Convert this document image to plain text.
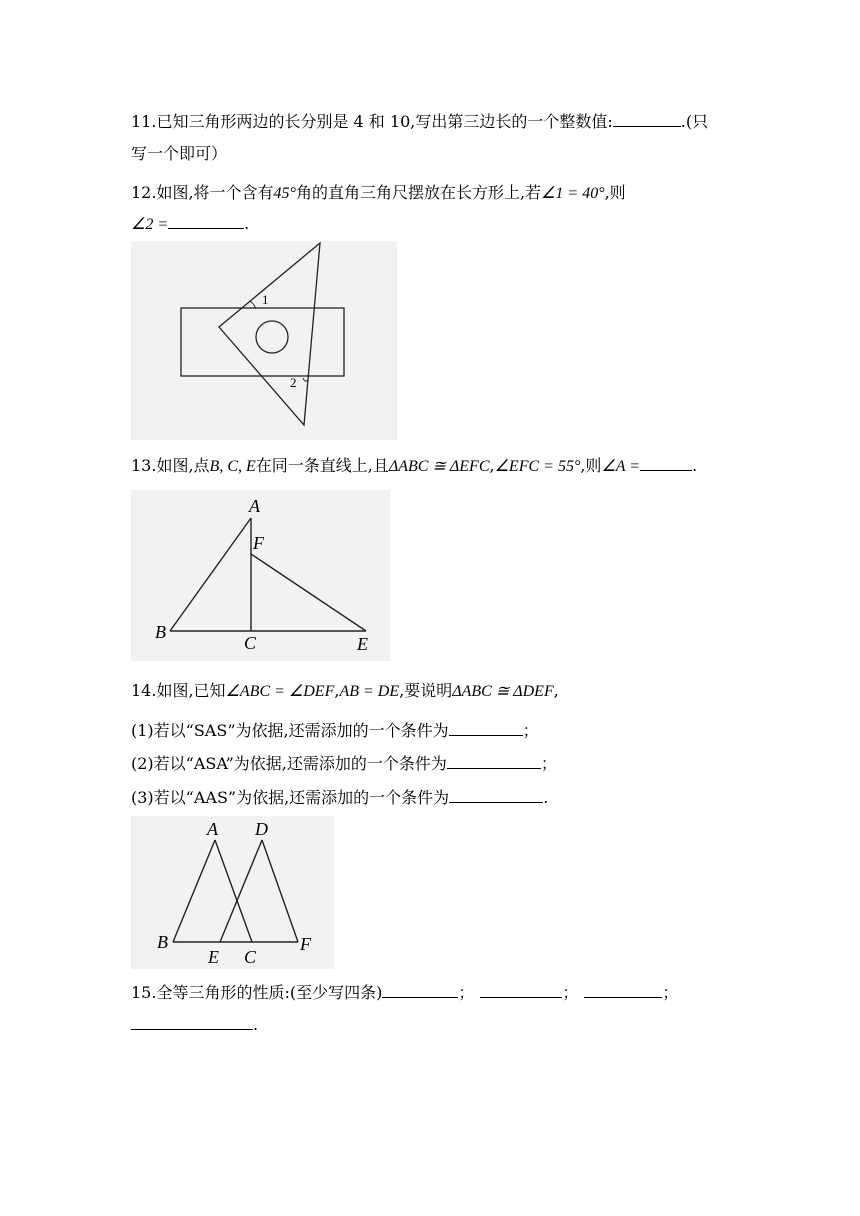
11.已知三角形两边的长分别是 4 和 10,写出第三边长的一个整数值:	.(只
写一个即可）
12.如图,将一个含有45°角的直角三角尺摆放在长方形上,若∠1 = 40°,则
∠2 =	.
1
2
13.如图,点B, C, E在同一条直线上,且ΔABC ≅ ΔEFC,∠EFC = 55°,则∠A =	.
A
F
B
C	E
14.如图,已知∠ABC = ∠DEF,AB = DE,要说明ΔABC ≅ ΔDEF,
(1)若以“SAS”为依据,还需添加的一个条件为	；
(2)若以“ASA”为依据,还需添加的一个条件为	；
(3)若以“AAS”为依据,还需添加的一个条件为	.
A D
B
E C
F
15.全等三角形的性质:(至少写四条)	；	；	；
.
